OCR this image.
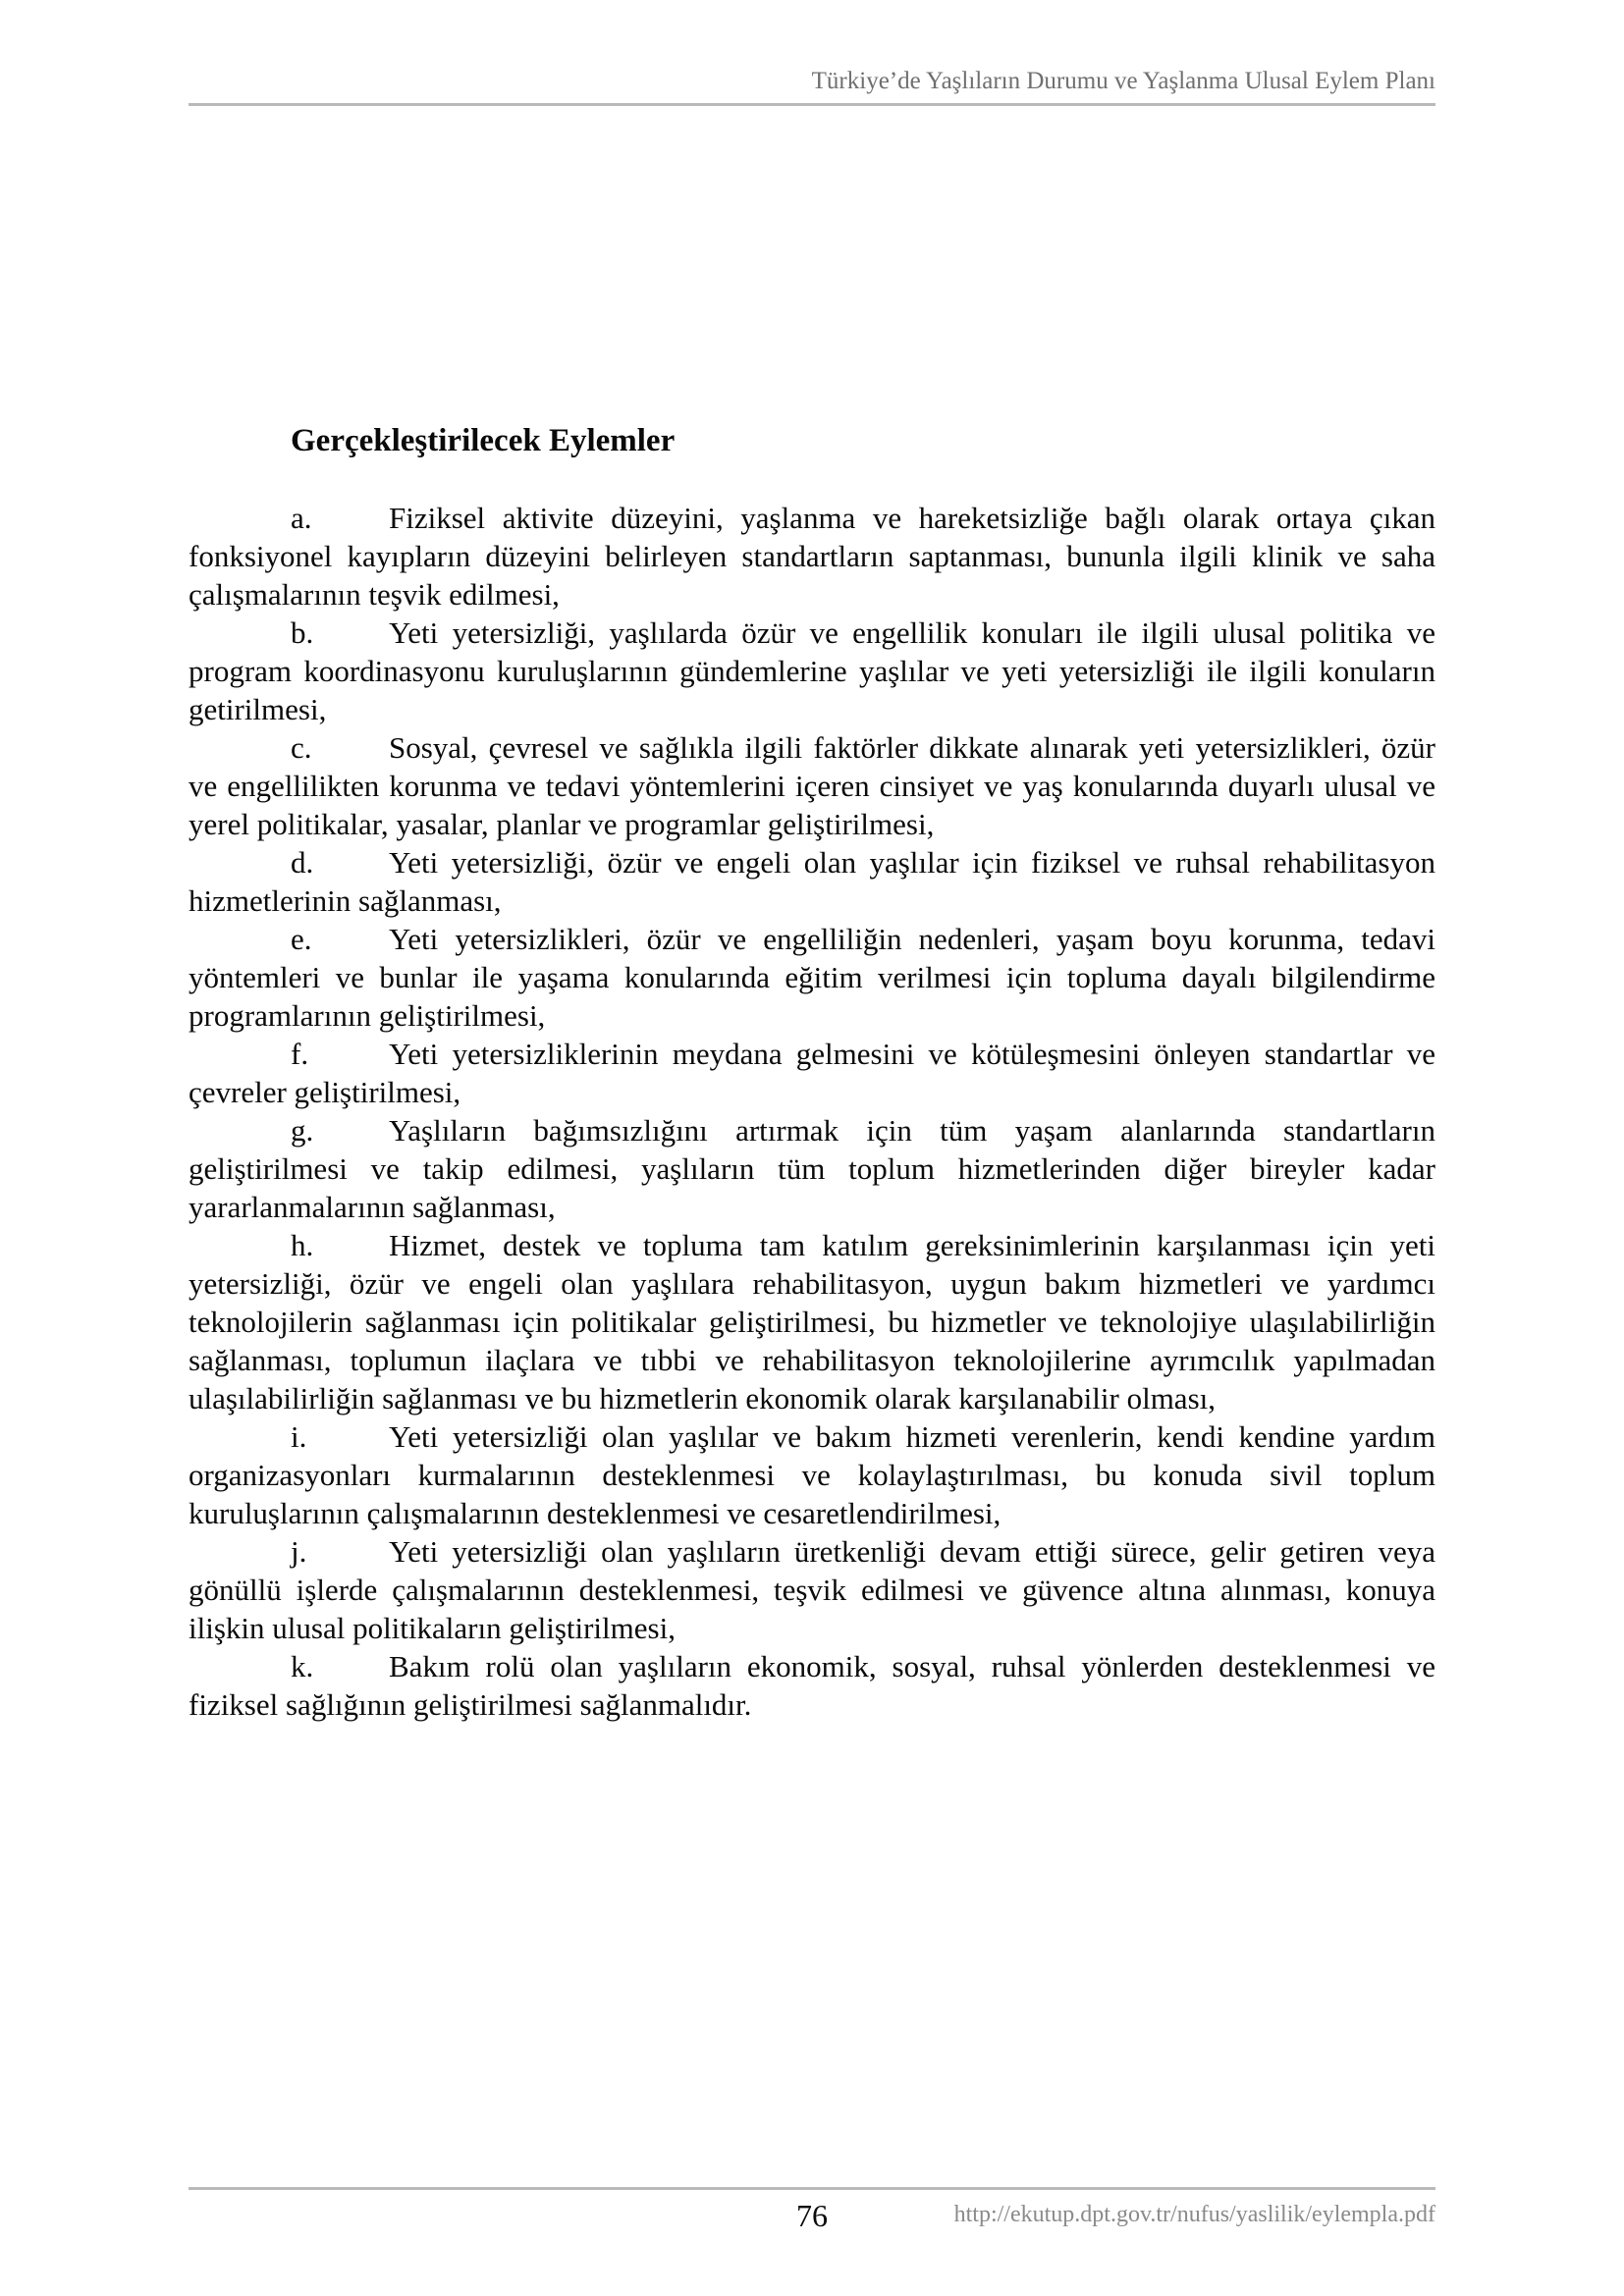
Türkiye’de Yaşlıların Durumu ve Yaşlanma Ulusal Eylem Planı
Gerçekleştirilecek Eylemler

a.	Fiziksel aktivite düzeyini, yaşlanma ve hareketsizliğe bağlı olarak ortaya çıkan fonksiyonel kayıpların düzeyini belirleyen standartların saptanması, bununla ilgili klinik ve saha çalışmalarının teşvik edilmesi,

b. Yeti yetersizliği, yaşlılarda özür ve engellilik konuları ile ilgili ulusal politika ve program koordinasyonu kuruluşlarının gündemlerine yaşlılar ve yeti yetersizliği ile ilgili konuların getirilmesi,

c.	Sosyal, çevresel ve sağlıkla ilgili faktörler dikkate alınarak yeti yetersizlikleri, özür ve engellilikten korunma ve tedavi yöntemlerini içeren cinsiyet ve yaş konularında duyarlı ulusal ve yerel politikalar, yasalar, planlar ve programlar geliştirilmesi,

d. Yeti yetersizliği, özür ve engeli olan yaşlılar için fiziksel ve ruhsal rehabilitasyon hizmetlerinin sağlanması,

e.	Yeti yetersizlikleri, özür ve engelliliğin nedenleri, yaşam boyu korunma, tedavi yöntemleri ve bunlar ile yaşama konularında eğitim verilmesi için topluma dayalı bilgilendirme programlarının geliştirilmesi,

f.	Yeti yetersizliklerinin meydana gelmesini ve kötüleşmesini önleyen standartlar ve çevreler geliştirilmesi,

g. Yaşlıların bağımsızlığını artırmak için tüm yaşam alanlarında standartların geliştirilmesi ve takip edilmesi, yaşlıların tüm toplum hizmetlerinden diğer bireyler kadar yararlanmalarının sağlanması,

h. Hizmet, destek ve topluma tam katılım gereksinimlerinin karşılanması için yeti yetersizliği, özür ve engeli olan yaşlılara rehabilitasyon, uygun bakım hizmetleri ve yardımcı teknolojilerin sağlanması için politikalar geliştirilmesi, bu hizmetler ve teknolojiye ulaşılabilirliğin sağlanması, toplumun ilaçlara ve tıbbi ve rehabilitasyon teknolojilerine ayrımcılık yapılmadan ulaşılabilirliğin sağlanması ve bu hizmetlerin ekonomik olarak karşılanabilir olması,

i.	Yeti yetersizliği olan yaşlılar ve bakım hizmeti verenlerin, kendi kendine yardım organizasyonları kurmalarının desteklenmesi ve kolaylaştırılması, bu konuda sivil toplum kuruluşlarının çalışmalarının desteklenmesi ve cesaretlendirilmesi,

j.	Yeti yetersizliği olan yaşlıların üretkenliği devam ettiği sürece, gelir getiren veya gönüllü işlerde çalışmalarının desteklenmesi, teşvik edilmesi ve güvence altına alınması, konuya ilişkin ulusal politikaların geliştirilmesi,

k. Bakım rolü olan yaşlıların ekonomik, sosyal, ruhsal yönlerden desteklenmesi ve fiziksel sağlığının geliştirilmesi sağlanmalıdır.

76	http://ekutup.dpt.gov.tr/nufus/yaslilik/eylempla.pdf
